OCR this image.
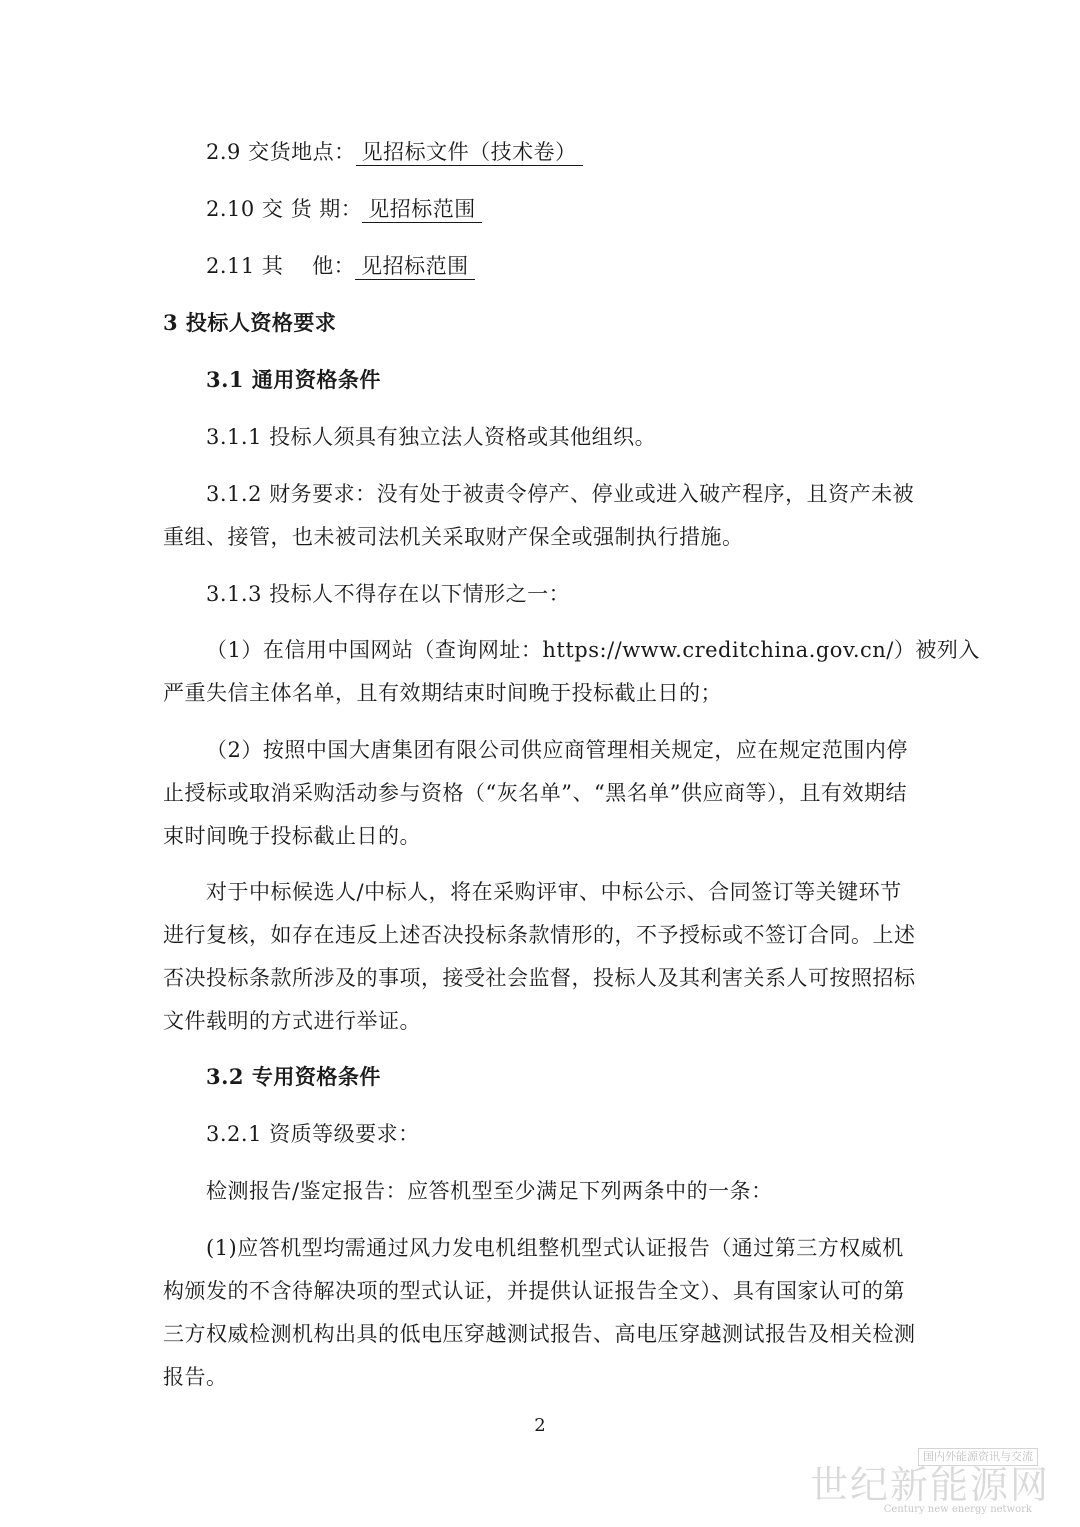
2.9 交货地点： 见招标文件（技术卷）
2.10 交 货 期： 见招标范围
2.11 其　 他： 见招标范围
3 投标人资格要求
3.1 通用资格条件
3.1.1 投标人须具有独立法人资格或其他组织。
3.1.2 财务要求：没有处于被责令停产、停业或进入破产程序，且资产未被
重组、接管，也未被司法机关采取财产保全或强制执行措施。
3.1.3 投标人不得存在以下情形之一：
（1）在信用中国网站（查询网址：https://www.creditchina.gov.cn/）被列入
严重失信主体名单，且有效期结束时间晚于投标截止日的；
（2）按照中国大唐集团有限公司供应商管理相关规定，应在规定范围内停
止授标或取消采购活动参与资格（“灰名单”、“黑名单”供应商等），且有效期结
束时间晚于投标截止日的。
对于中标候选人/中标人，将在采购评审、中标公示、合同签订等关键环节
进行复核，如存在违反上述否决投标条款情形的，不予授标或不签订合同。上述
否决投标条款所涉及的事项，接受社会监督，投标人及其利害关系人可按照招标
文件载明的方式进行举证。
3.2 专用资格条件
3.2.1 资质等级要求：
检测报告/鉴定报告：应答机型至少满足下列两条中的一条：
(1)应答机型均需通过风力发电机组整机型式认证报告（通过第三方权威机
构颁发的不含待解决项的型式认证，并提供认证报告全文）、具有国家认可的第
三方权威检测机构出具的低电压穿越测试报告、高电压穿越测试报告及相关检测
报告。
2
国内外能源资讯与交流
世纪新能源网
Century new energy network
